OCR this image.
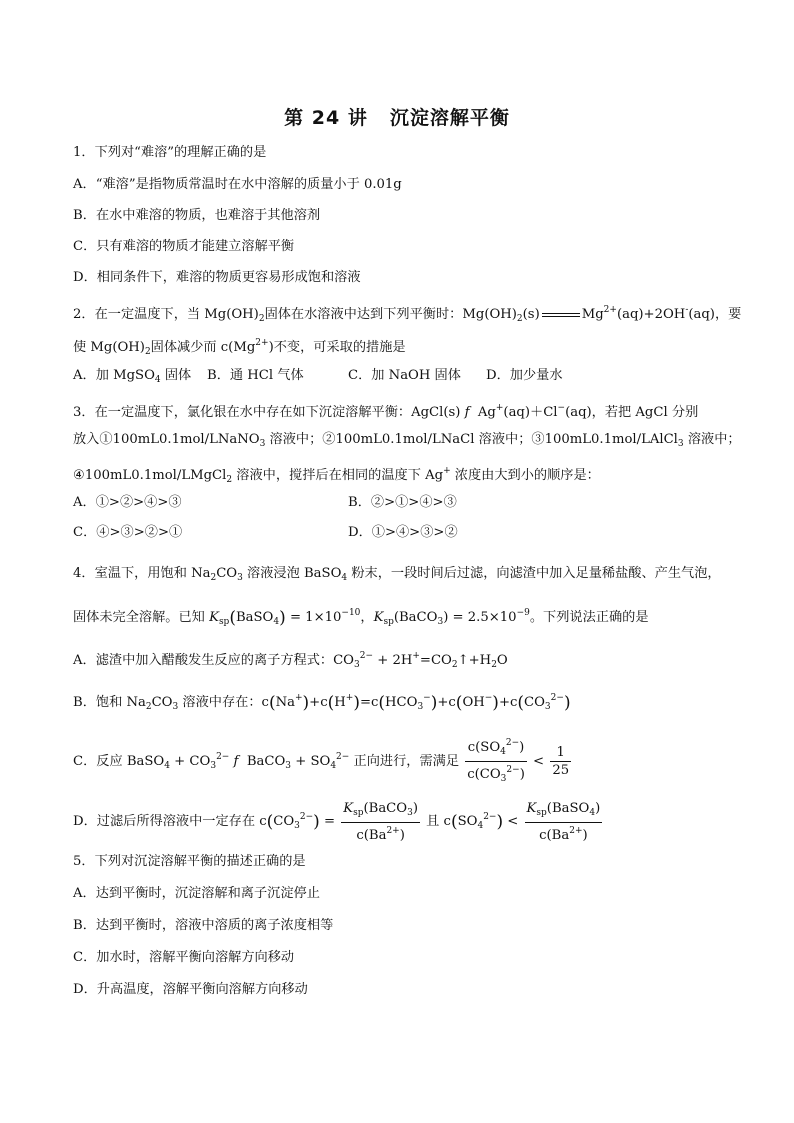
第 24 讲 沉淀溶解平衡
1．下列对“难溶”的理解正确的是
A．“难溶”是指物质常温时在水中溶解的质量小于 0.01g
B．在水中难溶的物质，也难溶于其他溶剂
C．只有难溶的物质才能建立溶解平衡
D．相同条件下，难溶的物质更容易形成饱和溶液
2．在一定温度下，当 $Mg(OH)_2$固体在水溶液中达到下列平衡时：$Mg(OH)_2(s)$	$Mg^{2+}(aq)+2OH^-(aq)$，要
使 $Mg(OH)_2$固体减少而 $c(Mg^{2+})$不变，可采取的措施是
A．加 MgSO$_4$ 固体 B．通 HCl 气体	C．加 NaOH 固体 D．加少量水
3．在一定温度下，氯化银在水中存在如下沉淀溶解平衡：AgCl(s) f Ag+(aq)＋Cl−(aq)，若把 AgCl 分别
放入①100mL0.1mol/LNaNO$_3$ 溶液中；②100mL0.1mol/LNaCl 溶液中；③100mL0.1mol/LAlCl$_3$ 溶液中；
④100mL0.1mol/LMgCl$_2$ 溶液中，搅拌后在相同的温度下 Ag+ 浓度由大到小的顺序是：
A．①>②>④>③	B．②>①>④>③
C．④>③>②>①	D．①>④>③>②
4．室温下，用饱和 $Na_2CO_3$ 溶液浸泡 BaSO$_4$ 粉末，一段时间后过滤，向滤渣中加入足量稀盐酸、产生气泡，
固体未完全溶解。已知 $K_{sp}(BaSO_4) = 1\times 10^{-10}$，$K_{sp}(BaCO_3) = 2.5\times 10^{-9}$。下列说法正确的是
A．滤渣中加入醋酸发生反应的离子方程式：$CO_3^{2-}$ + $2H^+=CO_2↑+H_2O$
B．饱和 $Na_2CO_3$ 溶液中存在：$c(Na^+)+c(H^+)=c(HCO_3^-)+c(OH^-)+c(CO_3^{2-})$
C．反应 BaSO$_4$ + $CO_3^{2-}$ f BaCO$_3$ + $SO_4^{2-}$ 正向进行，需满足 $\frac{c(SO_4^{2-})}{c(CO_3^{2-})} < \frac{1}{25}$
D．过滤后所得溶液中一定存在 $c(CO_3^{2-}) = \frac{K_{sp}(BaCO_3)}{c(Ba^{2+})}$ 且 $c(SO_4^{2-}) < \frac{K_{sp}(BaSO_4)}{c(Ba^{2+})}$
5．下列对沉淀溶解平衡的描述正确的是
A．达到平衡时，沉淀溶解和离子沉淀停止
B．达到平衡时，溶液中溶质的离子浓度相等
C．加水时，溶解平衡向溶解方向移动
D．升高温度，溶解平衡向溶解方向移动
